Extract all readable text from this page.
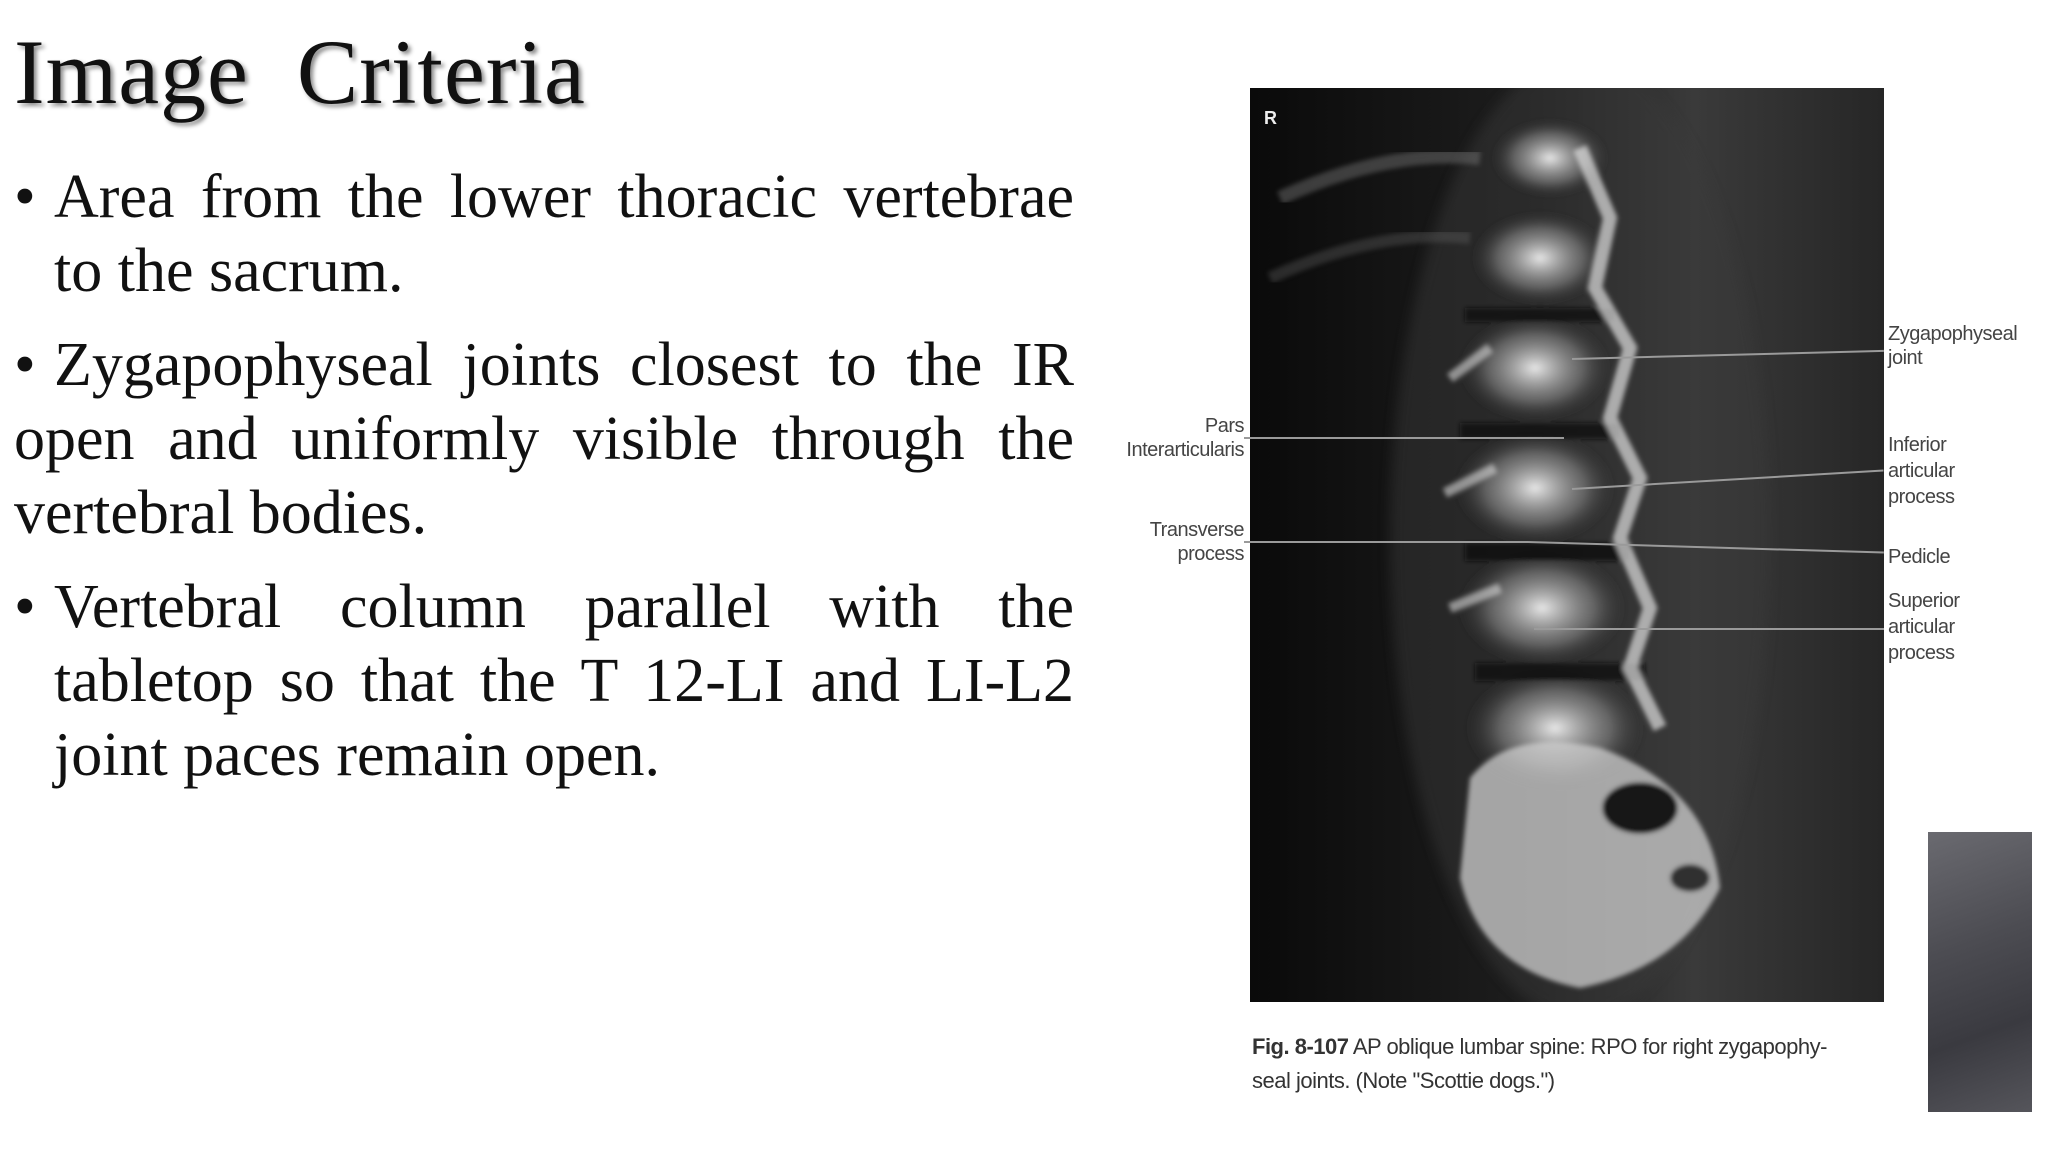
Image  Criteria
• Area from the lower thoracic vertebrae to the sacrum.
• Zygapophyseal joints closest to the IR open and uniformly visible through the vertebral bodies.
• Vertebral column parallel with the tabletop so that the T 12-LI and LI-L2 joint paces remain open.
R
Pars
Interarticularis
Transverse
process
Zygapophyseal
joint
Inferior
articular
process
Pedicle
Superior
articular
process
Fig. 8-107 AP oblique lumbar spine: RPO for right zygapophy-
seal joints. (Note "Scottie dogs.")
